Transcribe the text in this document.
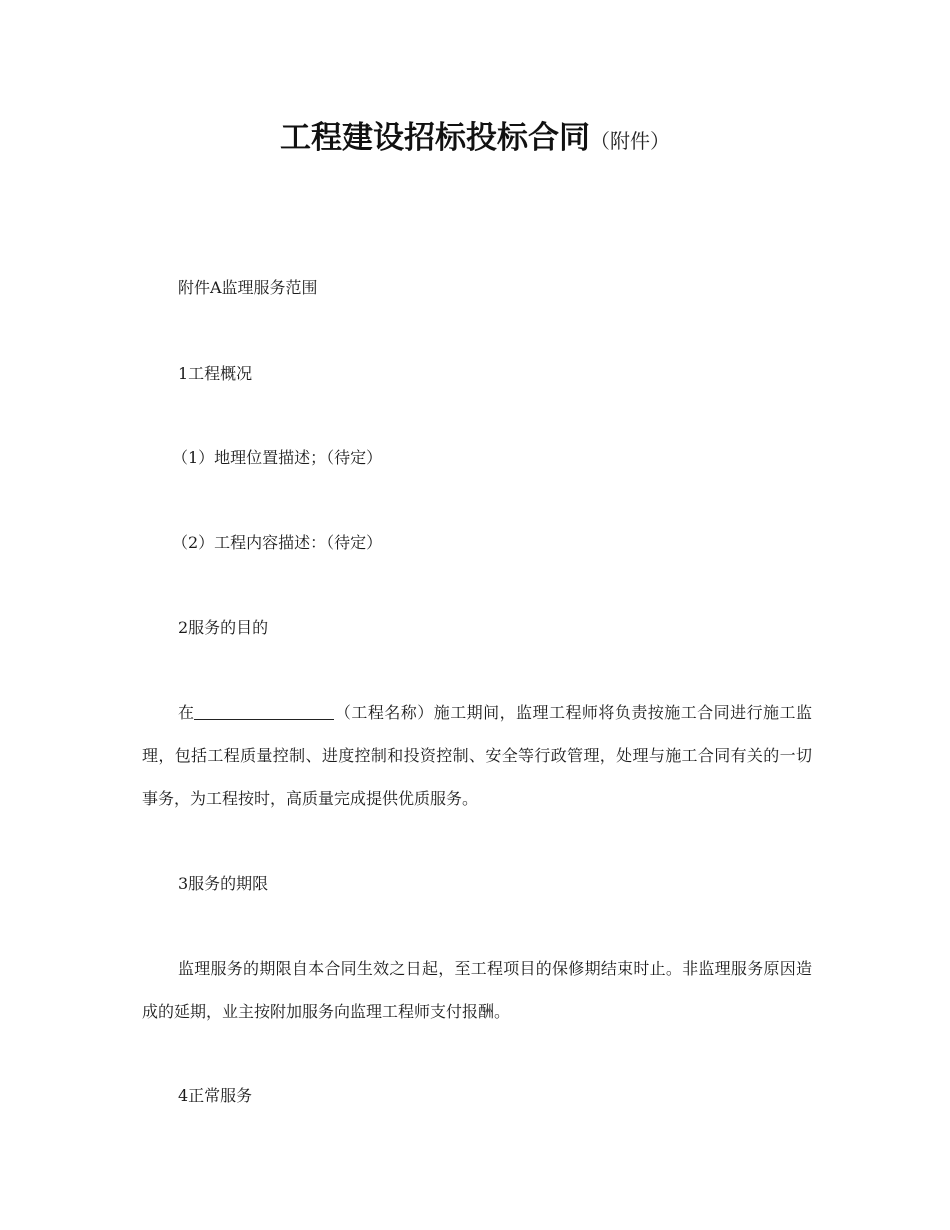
工程建设招标投标合同（附件）
附件A监理服务范围
1工程概况
（1）地理位置描述；（待定）
（2）工程内容描述：（待定）
2服务的目的
在	（工程名称）施工期间，监理工程师将负责按施工合同进行施工监理，包括工程质量控制、进度控制和投资控制、安全等行政管理，处理与施工合同有关的一切事务，为工程按时，高质量完成提供优质服务。
3服务的期限
监理服务的期限自本合同生效之日起，至工程项目的保修期结束时止。非监理服务原因造成的延期，业主按附加服务向监理工程师支付报酬。
4正常服务
